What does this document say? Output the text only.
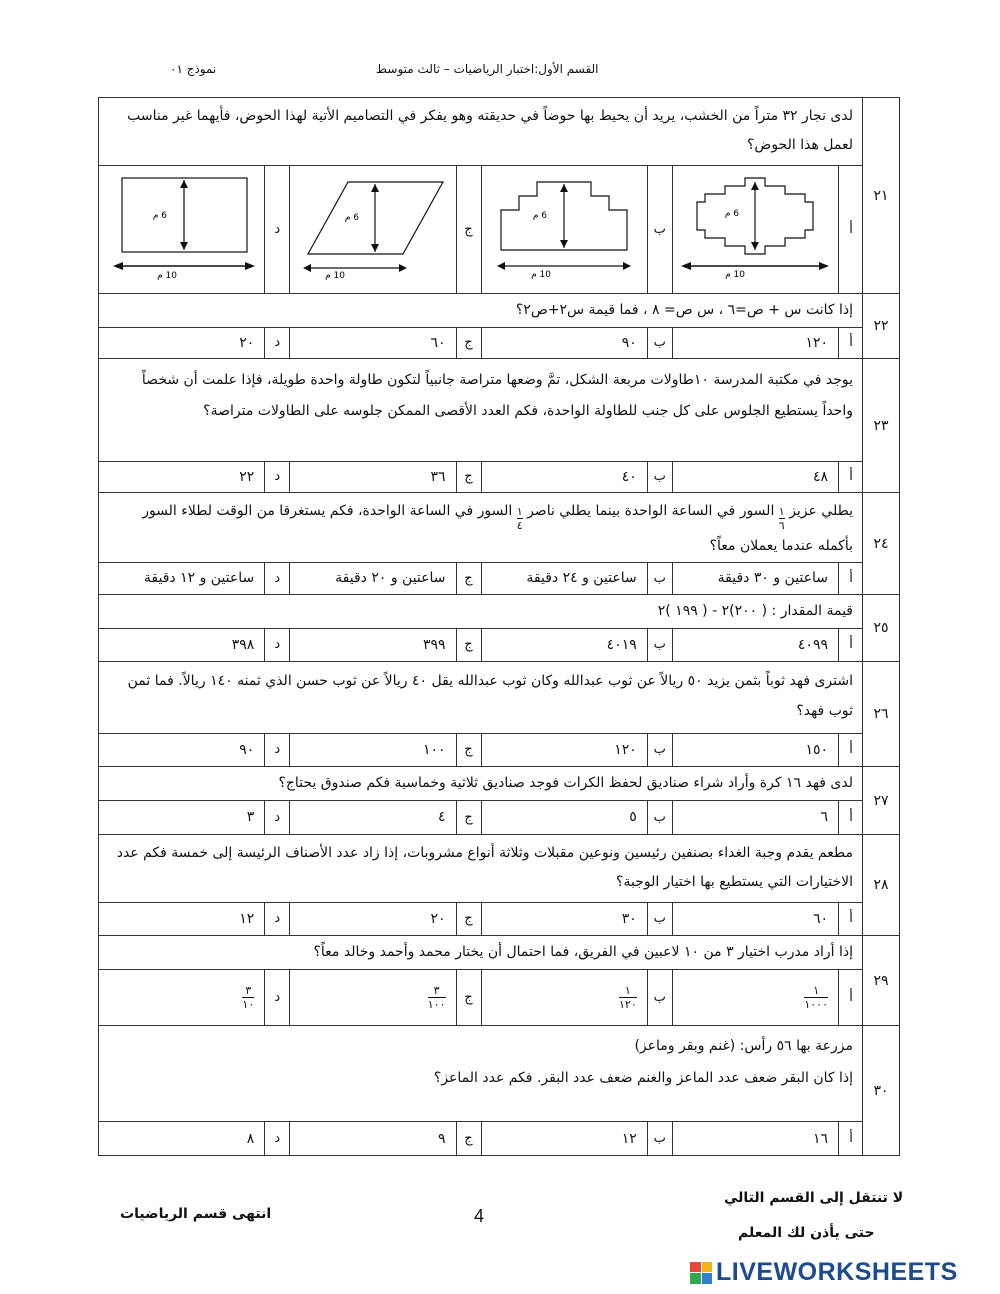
نموذج ٠١	القسم الأول:اختبار الرياضيات – ثالث متوسط
٢١
لدى نجار ٣٢ متراً من الخشب، يريد أن يحيط بها حوضاً في حديقته وهو يفكر في التصاميم الأتية لهذا الحوض، فأيهما غير مناسب لعمل هذا الحوض؟
أ
6 م
10 م
ب
6 م
10 م
ج
6 م
10 م
د
6 م
10 م
٢٢
إذا كانت س + ص=٦ ، س ص= ٨ ، فما قيمة س٢+ص٢؟
أ
١٢٠
ب
٩٠
ج
٦٠
د
٢٠
٢٣
يوجد في مكتبة المدرسة ١٠طاولات مربعة الشكل، تمَّ وضعها متراصة جانبياً لتكون طاولة واحدة طويلة، فإذا علمت أن شخصاً واحداً يستطيع الجلوس على كل جنب للطاولة الواحدة، فكم العدد الأقصى الممكن جلوسه على الطاولات متراصة؟
أ
٤٨
ب
٤٠
ج
٣٦
د
٢٢
٢٤
يطلي عزيز
$\frac{١}{٦}$
السور في الساعة الواحدة بينما يطلي ناصر
$\frac{١}{٤}$
السور في الساعة الواحدة، فكم يستغرقا من الوقت لطلاء السور بأكمله عندما يعملان معاً؟
أ
ساعتين و ٣٠ دقيقة
ب
ساعتين و ٢٤ دقيقة
ج
ساعتين و ٢٠ دقيقة
د
ساعتين و ١٢ دقيقة
٢٥
قيمة المقدار : ( ٢٠٠)٢ - ( ١٩٩ )٢
أ
٤٠٩٩
ب
٤٠١٩
ج
٣٩٩
د
٣٩٨
٢٦
اشترى فهد ثوباً بثمن يزيد ٥٠ ريالاً عن ثوب عبدالله وكان ثوب عبدالله يقل ٤٠ ريالاً عن ثوب حسن الذي ثمنه ١٤٠ ريالاً. فما ثمن ثوب فهد؟
أ
١٥٠
ب
١٢٠
ج
١٠٠
د
٩٠
٢٧
لدى فهد ١٦ كرة وأراد شراء صناديق لحفظ الكرات فوجد صناديق ثلاثية وخماسية فكم صندوق يحتاج؟
أ
٦
ب
٥
ج
٤
د
٣
٢٨
مطعم يقدم وجبة الغداء بصنفين رئيسين ونوعين مقبلات وثلاثة أنواع مشروبات، إذا زاد عدد الأصناف الرئيسة إلى خمسة فكم عدد الاختيارات التي يستطيع بها اختيار الوجبة؟
أ
٦٠
ب
٣٠
ج
٢٠
د
١٢
٢٩
إذا أراد مدرب اختيار ٣ من ١٠ لاعبين في الفريق، فما احتمال أن يختار محمد وأحمد وخالد معاً؟
أ
$\frac{١}{١٠٠٠}$
ب
$\frac{١}{١٢٠}$
ج
$\frac{٣}{١٠٠}$
د
$\frac{٣}{١٠}$
٣٠
مزرعة بها ٥٦ رأس: (غنم وبقر وماعز)
إذا كان البقر ضعف عدد الماعز والغنم ضعف عدد البقر. فكم عدد الماعز؟
أ
١٦
ب
١٢
ج
٩
د
٨
انتهى قسم الرياضيات	4
لا تنتقل إلى القسم التالي
حتى يأذن لك المعلم
LIVEWORKSHEETS
